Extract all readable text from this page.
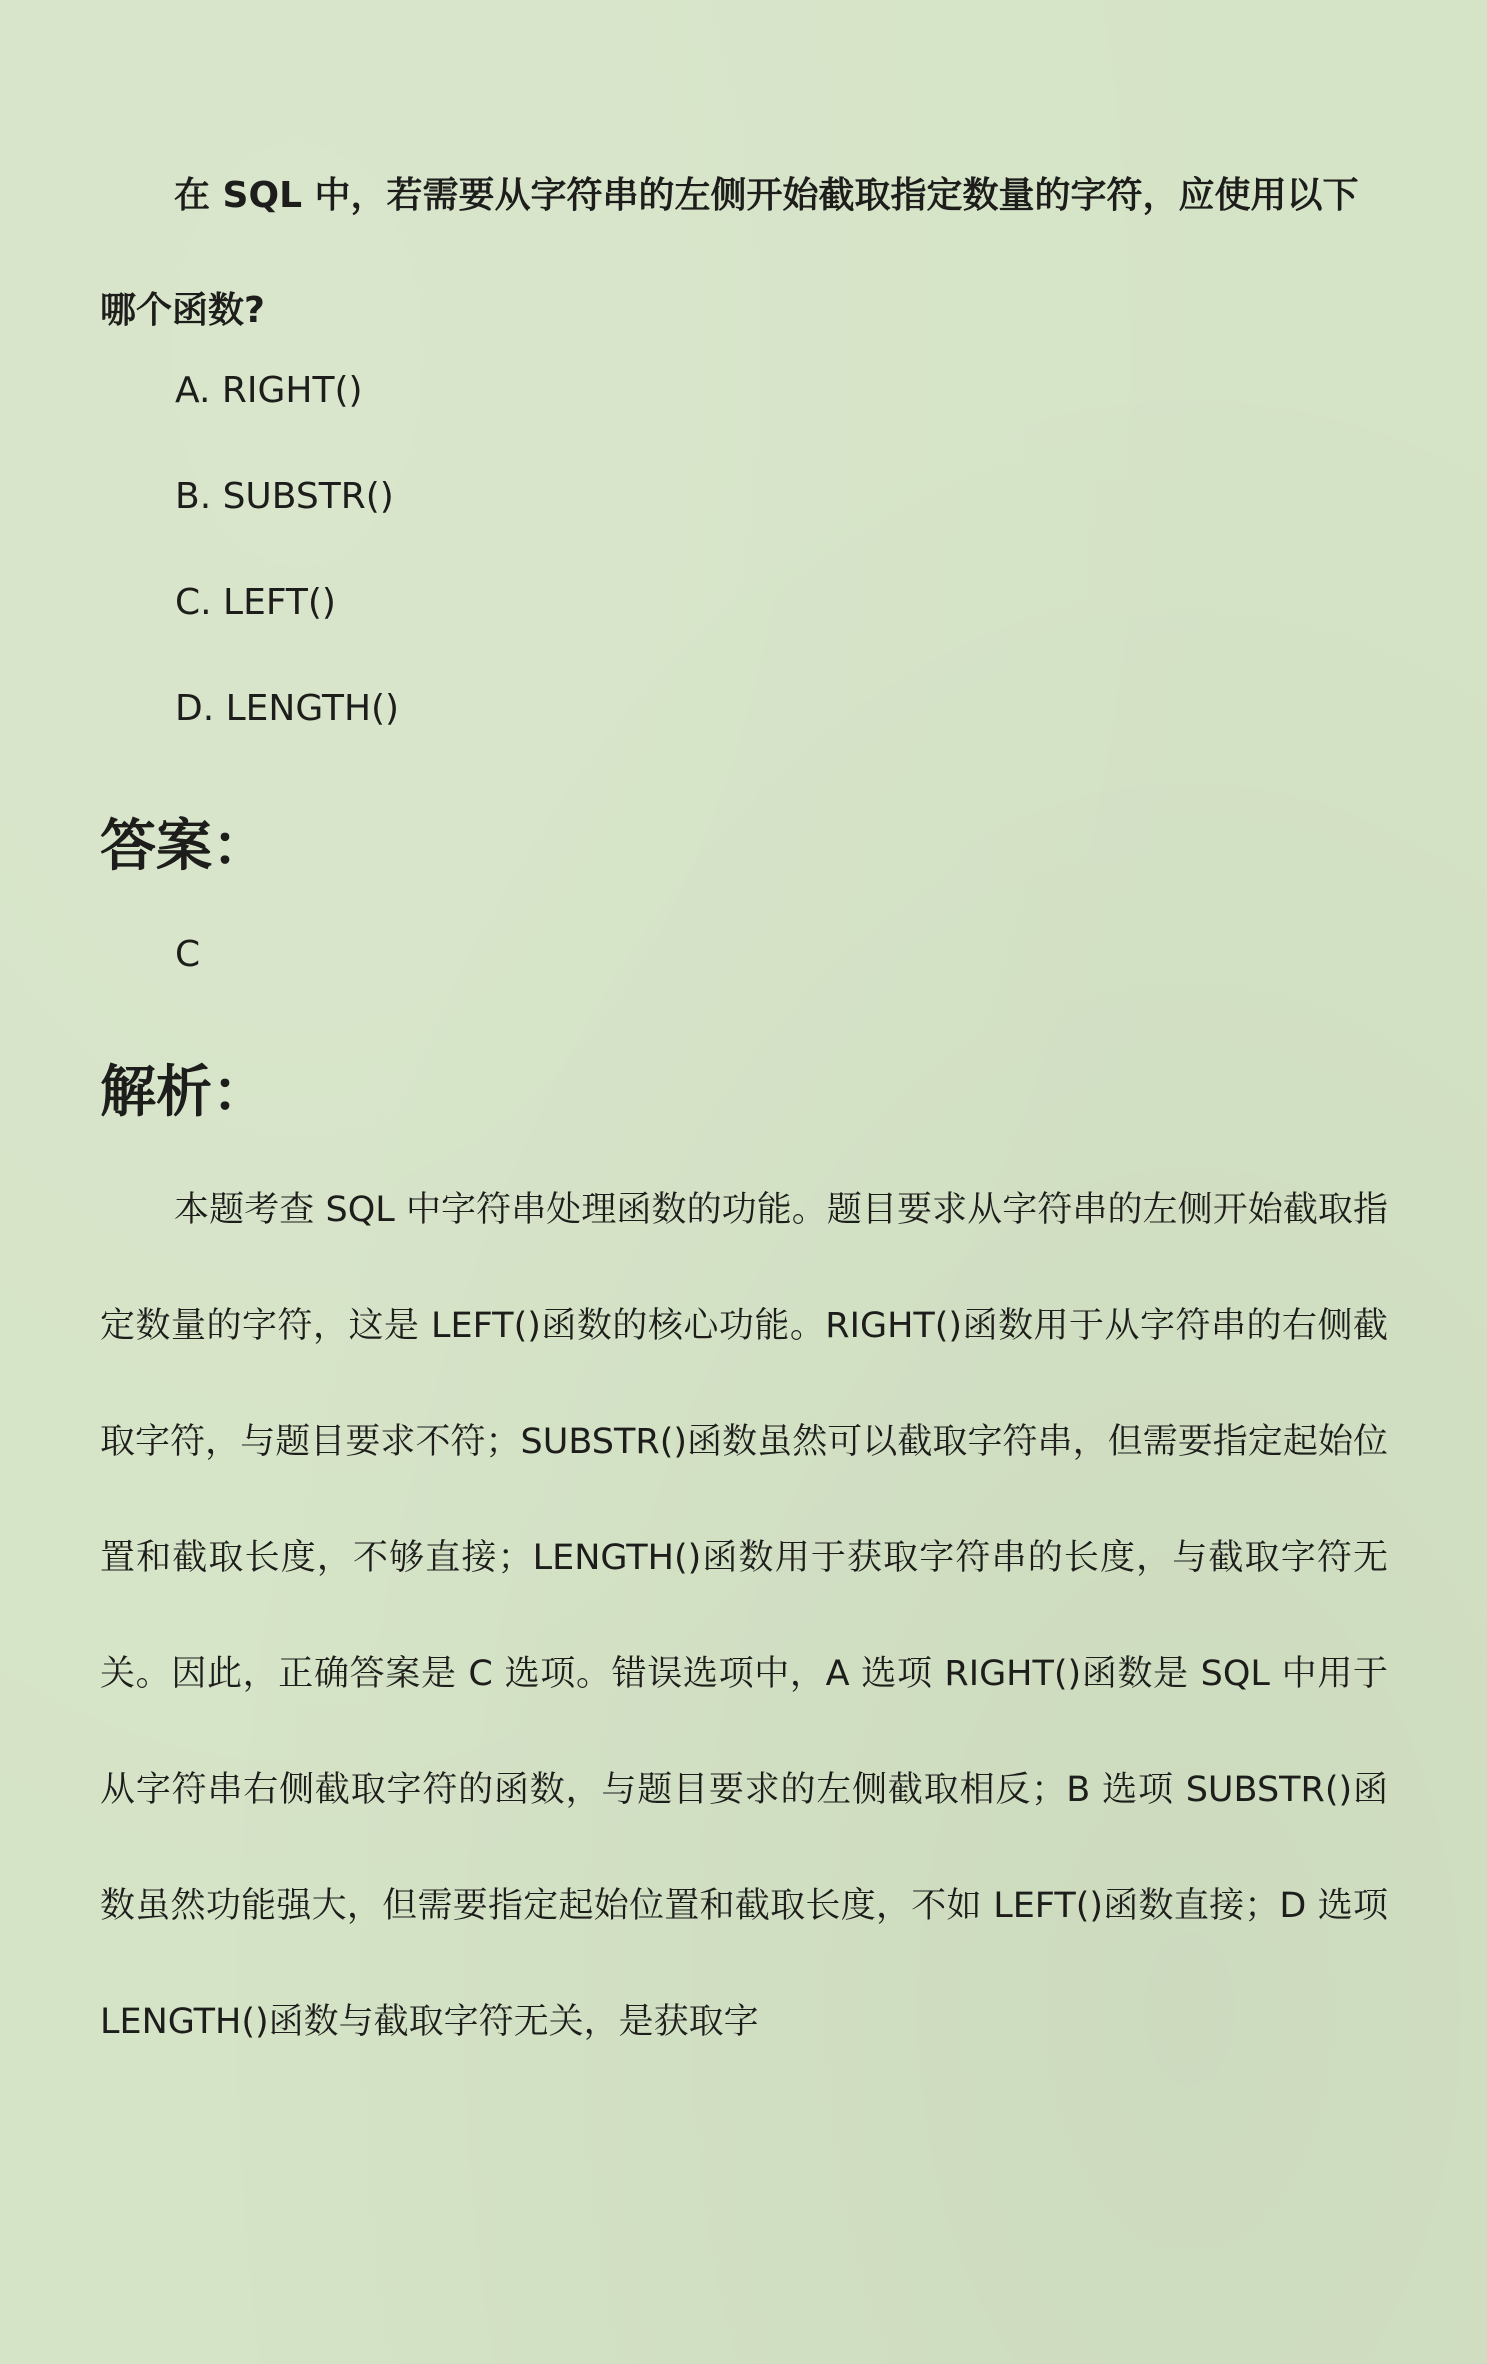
在 SQL 中，若需要从字符串的左侧开始截取指定数量的字符，应使用以下哪个函数?
A. RIGHT()
B. SUBSTR()
C. LEFT()
D. LENGTH()
答案：
C
解析：
本题考查 SQL 中字符串处理函数的功能。题目要求从字符串的左侧开始截取指定数量的字符，这是 LEFT()函数的核心功能。RIGHT()函数用于从字符串的右侧截取字符，与题目要求不符；SUBSTR()函数虽然可以截取字符串，但需要指定起始位置和截取长度，不够直接；LENGTH()函数用于获取字符串的长度，与截取字符无关。因此，正确答案是 C 选项。错误选项中，A 选项 RIGHT()函数是 SQL 中用于从字符串右侧截取字符的函数，与题目要求的左侧截取相反；B 选项 SUBSTR()函数虽然功能强大，但需要指定起始位置和截取长度，不如 LEFT()函数直接；D 选项 LENGTH()函数与截取字符无关，是获取字
